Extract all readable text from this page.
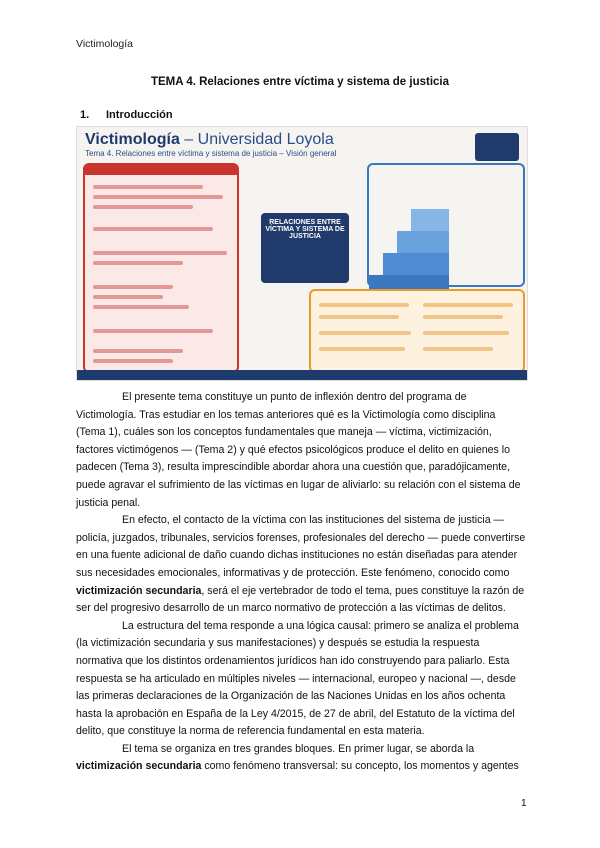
Victimología
TEMA 4. Relaciones entre víctima y sistema de justicia
1. Introducción
Victimología – Universidad Loyola
Tema 4. Relaciones entre víctima y sistema de justicia – Visión general
RELACIONES ENTRE VÍCTIMA Y SISTEMA DE JUSTICIA

El presente tema constituye un punto de inflexión dentro del programa de Victimología. Tras estudiar en los temas anteriores qué es la Victimología como disciplina (Tema 1), cuáles son los conceptos fundamentales que maneja — víctima, victimización, factores victimógenos — (Tema 2) y qué efectos psicológicos produce el delito en quienes lo padecen (Tema 3), resulta imprescindible abordar ahora una cuestión que, paradójicamente, puede agravar el sufrimiento de las víctimas en lugar de aliviarlo: su relación con el sistema de justicia penal.

En efecto, el contacto de la víctima con las instituciones del sistema de justicia — policía, juzgados, tribunales, servicios forenses, profesionales del derecho — puede convertirse en una fuente adicional de daño cuando dichas instituciones no están diseñadas para atender sus necesidades emocionales, informativas y de protección. Este fenómeno, conocido como victimización secundaria, será el eje vertebrador de todo el tema, pues constituye la razón de ser del progresivo desarrollo de un marco normativo de protección a las víctimas de delitos.

La estructura del tema responde a una lógica causal: primero se analiza el problema (la victimización secundaria y sus manifestaciones) y después se estudia la respuesta normativa que los distintos ordenamientos jurídicos han ido construyendo para paliarlo. Esta respuesta se ha articulado en múltiples niveles — internacional, europeo y nacional —, desde las primeras declaraciones de la Organización de las Naciones Unidas en los años ochenta hasta la aprobación en España de la Ley 4/2015, de 27 de abril, del Estatuto de la víctima del delito, que constituye la norma de referencia fundamental en esta materia.

El tema se organiza en tres grandes bloques. En primer lugar, se aborda la victimización secundaria como fenómeno transversal: su concepto, los momentos y agentes

1
